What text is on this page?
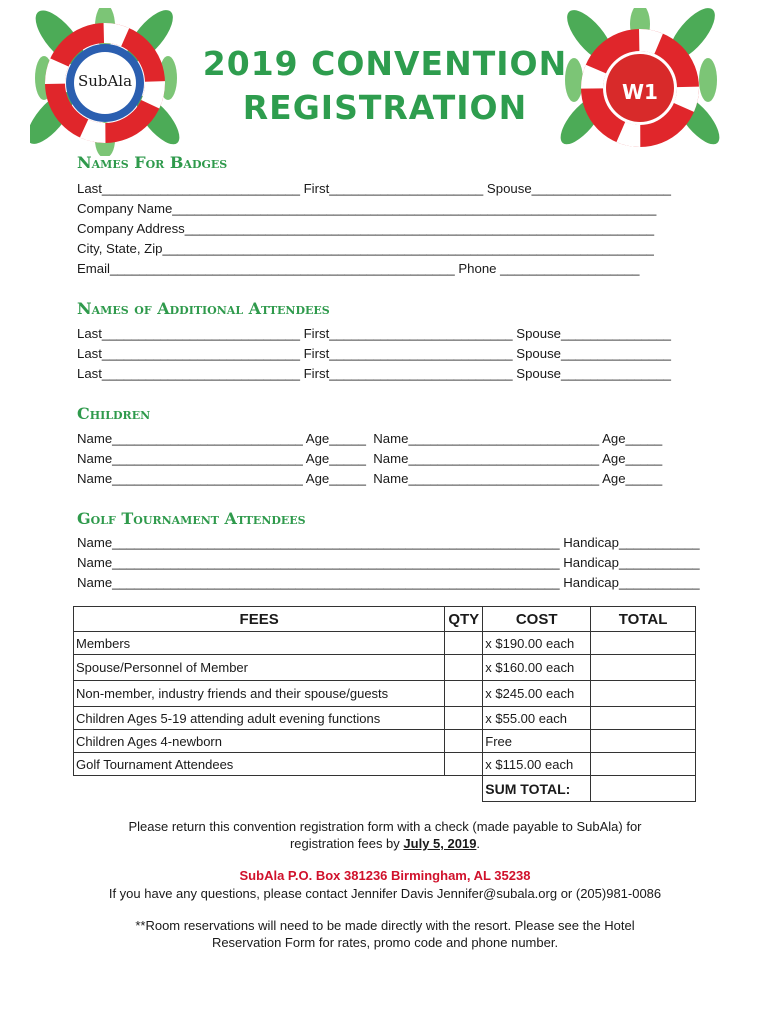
SubAla	W1
2019 CONVENTION
REGISTRATION
Names For Badges
Last___________________________ First_____________________ Spouse___________________
Company Name__________________________________________________________________
Company Address________________________________________________________________
City, State, Zip___________________________________________________________________
Email_______________________________________________ Phone ___________________
Names of Additional Attendees
Last___________________________ First_________________________ Spouse_______________
Last___________________________ First_________________________ Spouse_______________
Last___________________________ First_________________________ Spouse_______________
Children
Name__________________________ Age_____  Name__________________________ Age_____
Name__________________________ Age_____  Name__________________________ Age_____
Name__________________________ Age_____  Name__________________________ Age_____
Golf Tournament Attendees
Name_____________________________________________________________ Handicap___________
Name_____________________________________________________________ Handicap___________
Name_____________________________________________________________ Handicap___________
FEES	QTY	COST	TOTAL
Members		x $190.00 each	
Spouse/Personnel of Member		x $160.00 each	
Non-member, industry friends and their spouse/guests		x $245.00 each	
Children Ages 5-19 attending adult evening functions		x $55.00 each	
Children Ages 4-newborn		Free	
Golf Tournament Attendees		x $115.00 each	
		SUM TOTAL:	
Please return this convention registration form with a check (made payable to SubAla) for
registration fees by July 5, 2019.
SubAla P.O. Box 381236 Birmingham, AL 35238
If you have any questions, please contact Jennifer Davis Jennifer@subala.org or (205)981-0086
**Room reservations will need to be made directly with the resort. Please see the Hotel
Reservation Form for rates, promo code and phone number.
